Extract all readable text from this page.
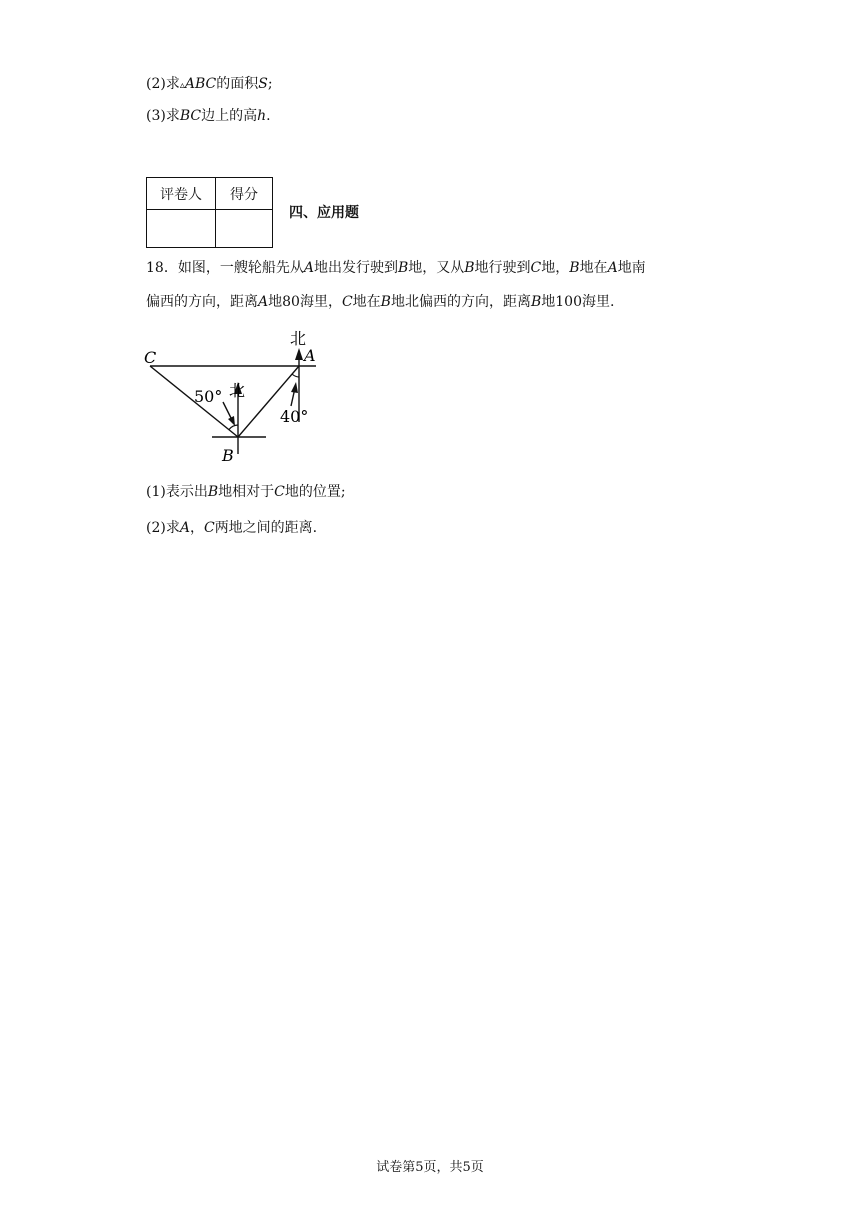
(2)求▵ABC的面积S;
(3)求BC边上的高h.
评卷人	得分

四、应用题
18．如图，一艘轮船先从A地出发行驶到B地，又从B地行驶到C地，B地在A地南
偏西的方向，距离A地80海里，C地在B地北偏西的方向，距离B地100海里.
C	A
B
北
北
50°
40°
(1)表示出B地相对于C地的位置;
(2)求A，C两地之间的距离.
试卷第5页，共5页
